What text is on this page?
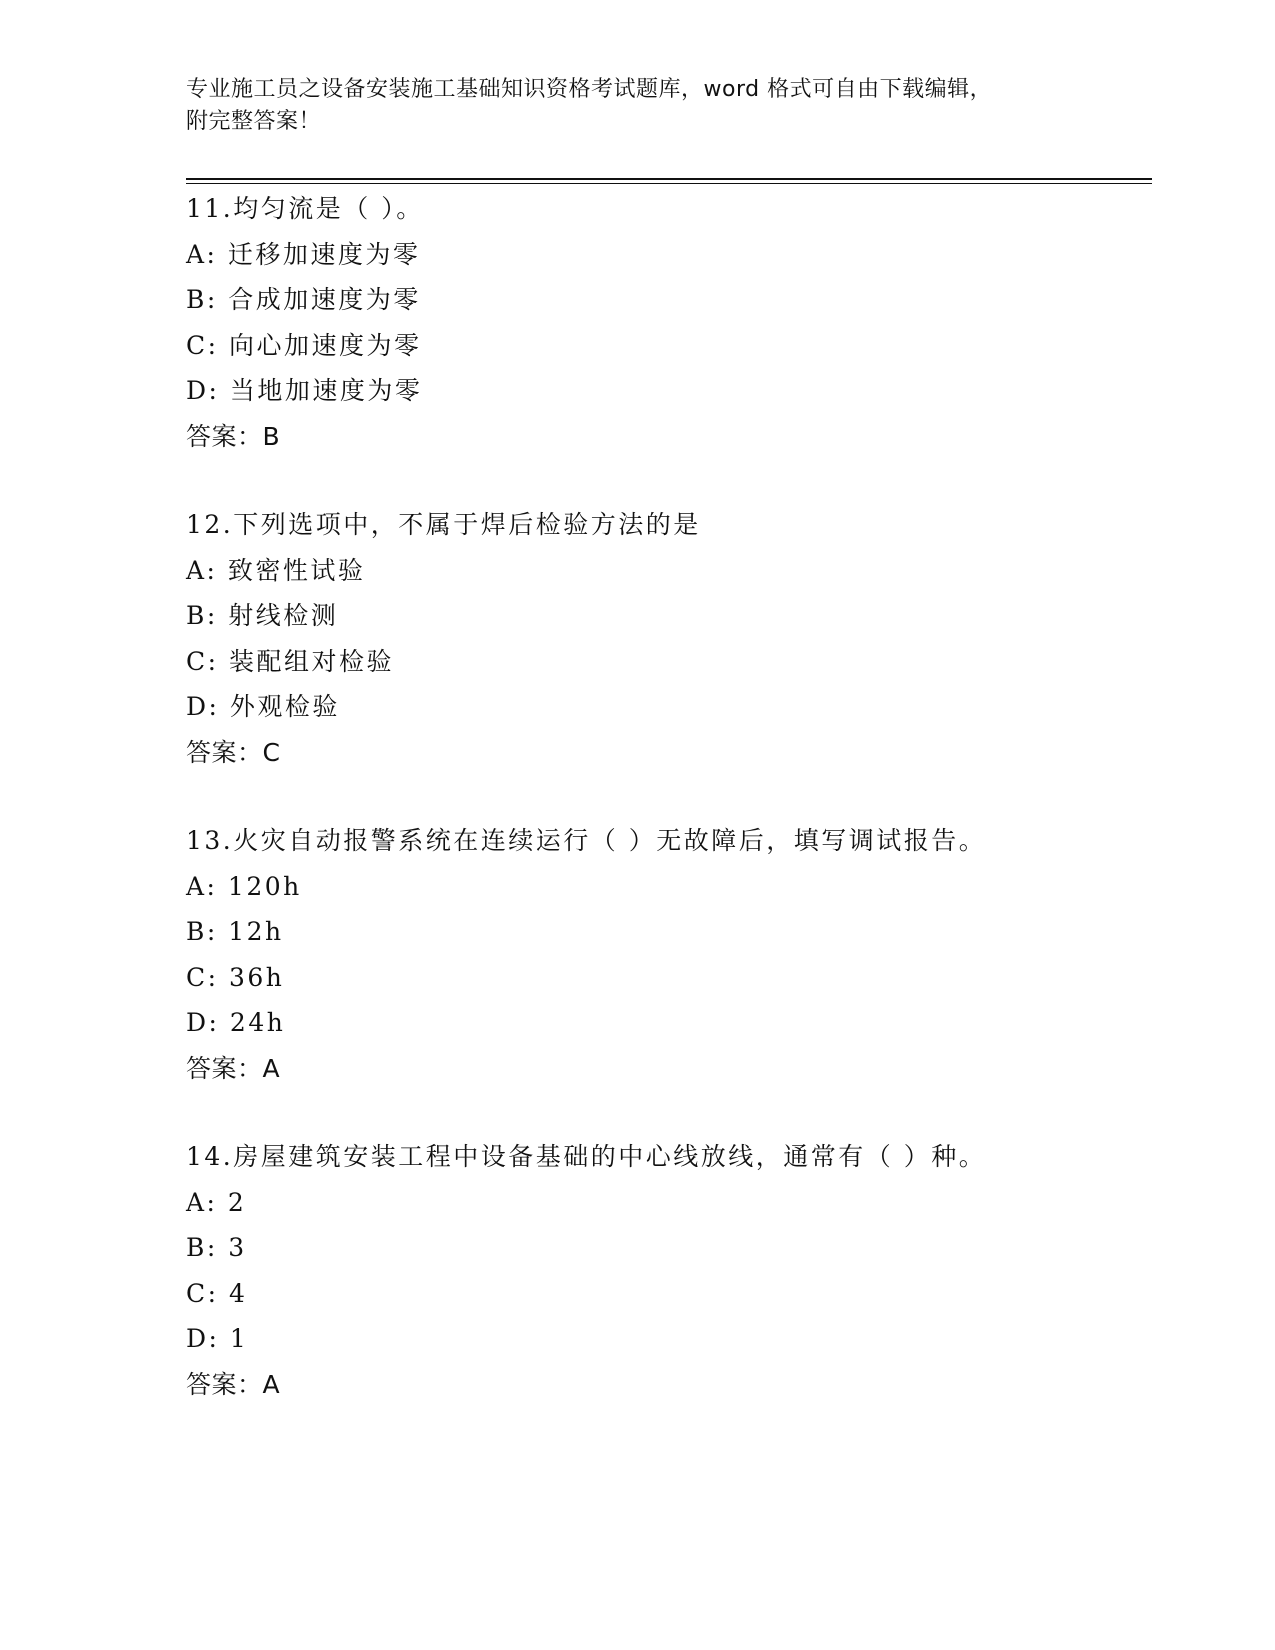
专业施工员之设备安装施工基础知识资格考试题库，word 格式可自由下载编辑，
附完整答案！
11.均匀流是（ ）。
A: 迁移加速度为零
B: 合成加速度为零
C: 向心加速度为零
D: 当地加速度为零
答案：B
12.下列选项中，不属于焊后检验方法的是
A: 致密性试验
B: 射线检测
C: 装配组对检验
D: 外观检验
答案：C
13.火灾自动报警系统在连续运行（ ）无故障后，填写调试报告。
A: 120h
B: 12h
C: 36h
D: 24h
答案：A
14.房屋建筑安装工程中设备基础的中心线放线，通常有（ ）种。
A: 2
B: 3
C: 4
D: 1
答案：A
